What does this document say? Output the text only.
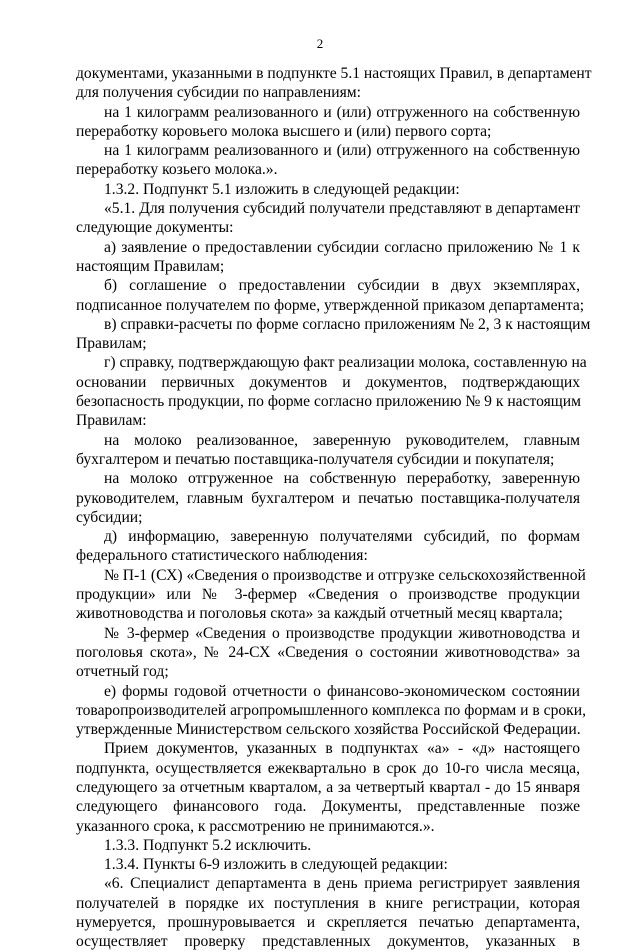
2
документами, указанными в подпункте 5.1 настоящих Правил, в департамент
для получения субсидии по направлениям:
на 1 килограмм реализованного и (или) отгруженного на собственную
переработку коровьего молока высшего и (или) первого сорта;
на 1 килограмм реализованного и (или) отгруженного на собственную
переработку козьего молока.».
1.3.2. Подпункт 5.1 изложить в следующей редакции:
«5.1. Для получения субсидий получатели представляют в департамент
следующие документы:
а) заявление о предоставлении субсидии согласно приложению № 1 к
настоящим Правилам;
б) соглашение о предоставлении субсидии в двух экземплярах,
подписанное получателем по форме, утвержденной приказом департамента;
в) справки-расчеты по форме согласно приложениям № 2, 3 к настоящим
Правилам;
г) справку, подтверждающую факт реализации молока, составленную на
основании первичных документов и документов, подтверждающих
безопасность продукции, по форме согласно приложению № 9 к настоящим
Правилам:
на молоко реализованное, заверенную руководителем, главным
бухгалтером и печатью поставщика-получателя субсидии и покупателя;
на молоко отгруженное на собственную переработку, заверенную
руководителем, главным бухгалтером и печатью поставщика-получателя
субсидии;
д) информацию, заверенную получателями субсидий, по формам
федерального статистического наблюдения:
№ П-1 (СХ) «Сведения о производстве и отгрузке сельскохозяйственной
продукции» или № 3-фермер «Сведения о производстве продукции
животноводства и поголовья скота» за каждый отчетный месяц квартала;
№ 3-фермер «Сведения о производстве продукции животноводства и
поголовья скота», № 24-СХ «Сведения о состоянии животноводства» за
отчетный год;
е) формы годовой отчетности о финансово-экономическом состоянии
товаропроизводителей агропромышленного комплекса по формам и в сроки,
утвержденные Министерством сельского хозяйства Российской Федерации.
Прием документов, указанных в подпунктах «а» - «д» настоящего
подпункта, осуществляется ежеквартально в срок до 10-го числа месяца,
следующего за отчетным кварталом, а за четвертый квартал - до 15 января
следующего финансового года. Документы, представленные позже
указанного срока, к рассмотрению не принимаются.».
1.3.3. Подпункт 5.2 исключить.
1.3.4. Пункты 6-9 изложить в следующей редакции:
«6. Специалист департамента в день приема регистрирует заявления
получателей в порядке их поступления в книге регистрации, которая
нумеруется, прошнуровывается и скрепляется печатью департамента,
осуществляет проверку представленных документов, указанных в
